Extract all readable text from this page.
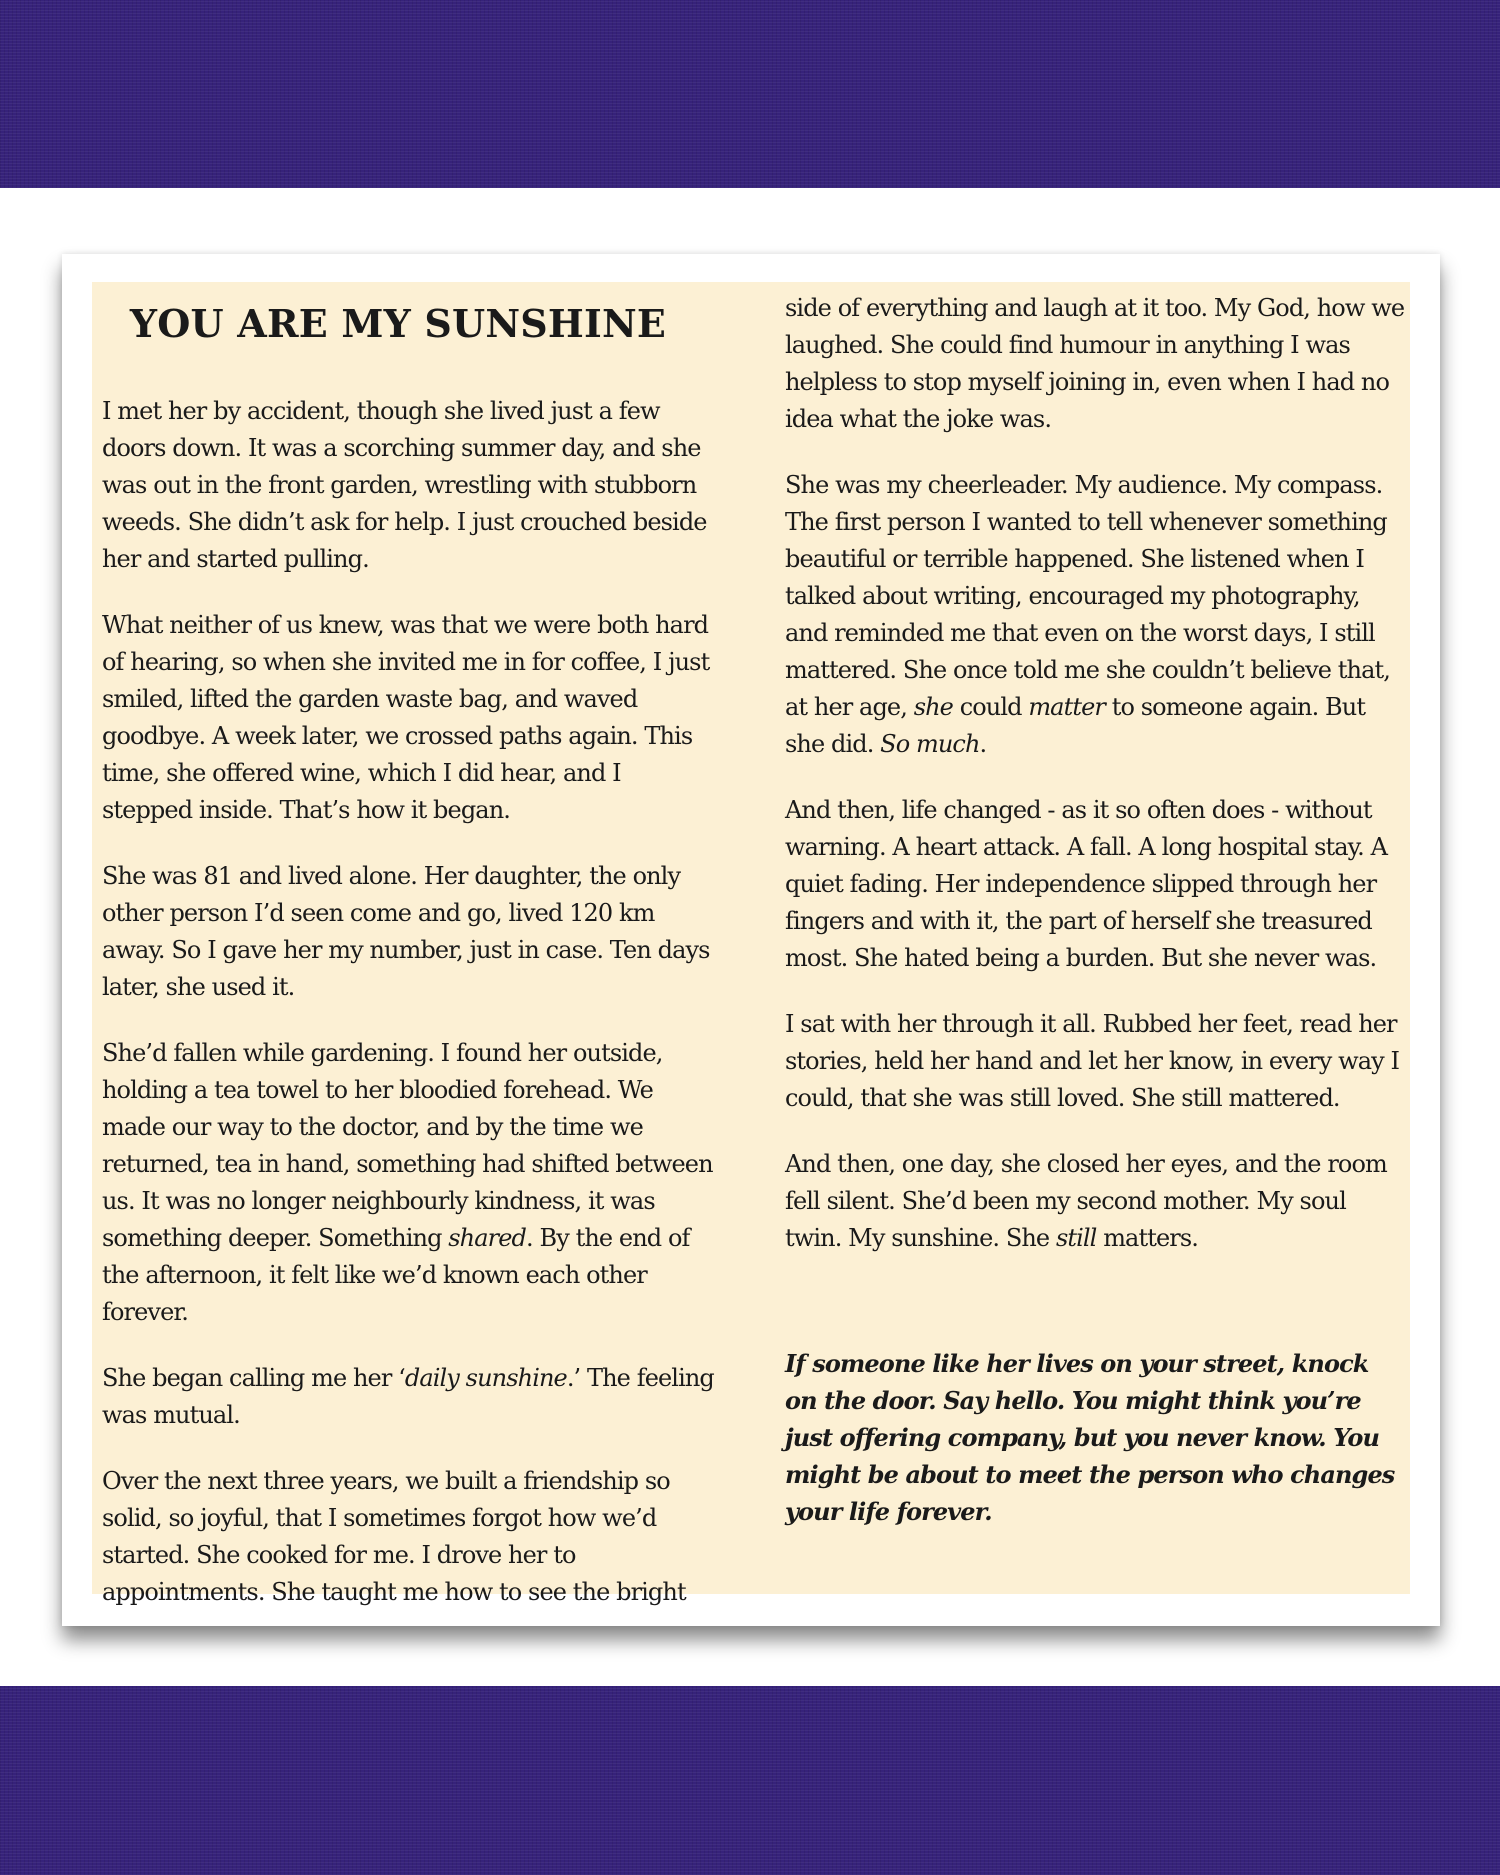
YOU ARE MY SUNSHINE

I met her by accident, though she lived just a few doors down. It was a scorching summer day, and she was out in the front garden, wrestling with stubborn weeds. She didn’t ask for help. I just crouched beside her and started pulling.

What neither of us knew, was that we were both hard of hearing, so when she invited me in for coffee, I just smiled, lifted the garden waste bag, and waved goodbye. A week later, we crossed paths again. This time, she offered wine, which I did hear, and I stepped inside. That’s how it began.

She was 81 and lived alone. Her daughter, the only other person I’d seen come and go, lived 120 km away. So I gave her my number, just in case. Ten days later, she used it.

She’d fallen while gardening. I found her outside, holding a tea towel to her bloodied forehead. We made our way to the doctor, and by the time we returned, tea in hand, something had shifted between us. It was no longer neighbourly kindness, it was something deeper. Something shared. By the end of the afternoon, it felt like we’d known each other forever.

She began calling me her ‘daily sunshine.’ The feeling was mutual.

Over the next three years, we built a friendship so solid, so joyful, that I sometimes forgot how we’d started. She cooked for me. I drove her to appointments. She taught me how to see the bright

side of everything and laugh at it too. My God, how we laughed. She could find humour in anything I was helpless to stop myself joining in, even when I had no idea what the joke was.

She was my cheerleader. My audience. My compass. The first person I wanted to tell whenever something beautiful or terrible happened. She listened when I talked about writing, encouraged my photography, and reminded me that even on the worst days, I still mattered. She once told me she couldn’t believe that, at her age, she could matter to someone again. But she did. So much.

And then, life changed - as it so often does - without warning. A heart attack. A fall. A long hospital stay. A quiet fading. Her independence slipped through her fingers and with it, the part of herself she treasured most. She hated being a burden. But she never was.

I sat with her through it all. Rubbed her feet, read her stories, held her hand and let her know, in every way I could, that she was still loved. She still mattered.

And then, one day, she closed her eyes, and the room fell silent. She’d been my second mother. My soul twin. My sunshine. She still matters.

If someone like her lives on your street, knock on the door. Say hello. You might think you’re just offering company, but you never know. You might be about to meet the person who changes your life forever.
